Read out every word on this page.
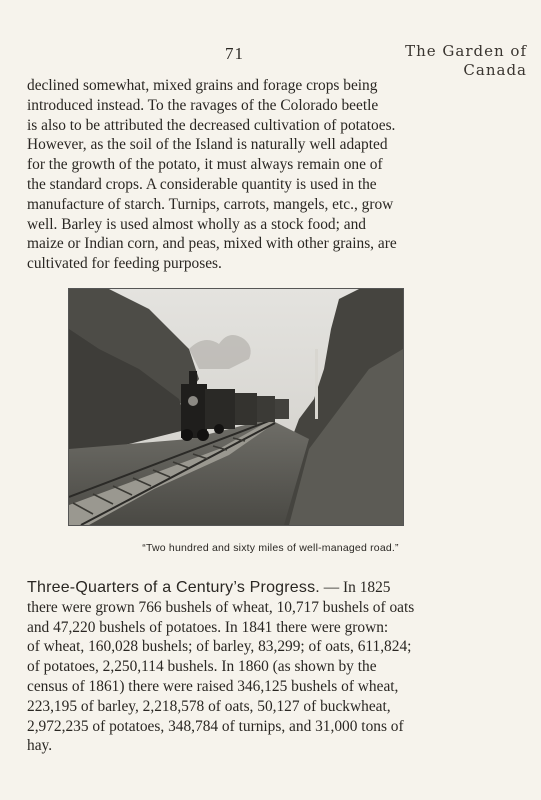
71	The Garden of
Canada
declined somewhat, mixed grains and forage crops being
introduced instead. To the ravages of the Colorado beetle
is also to be attributed the decreased cultivation of potatoes.
However, as the soil of the Island is naturally well adapted
for the growth of the potato, it must always remain one of
the standard crops. A considerable quantity is used in the
manufacture of starch. Turnips, carrots, mangels, etc., grow
well. Barley is used almost wholly as a stock food; and
maize or Indian corn, and peas, mixed with other grains, are
cultivated for feeding purposes.
“Two hundred and sixty miles of well-managed road.”
Three-Quarters of a Century’s Progress. — In 1825
there were grown 766 bushels of wheat, 10,717 bushels of oats
and 47,220 bushels of potatoes. In 1841 there were grown:
of wheat, 160,028 bushels; of barley, 83,299; of oats, 611,824;
of potatoes, 2,250,114 bushels. In 1860 (as shown by the
census of 1861) there were raised 346,125 bushels of wheat,
223,195 of barley, 2,218,578 of oats, 50,127 of buckwheat,
2,972,235 of potatoes, 348,784 of turnips, and 31,000 tons of
hay.
